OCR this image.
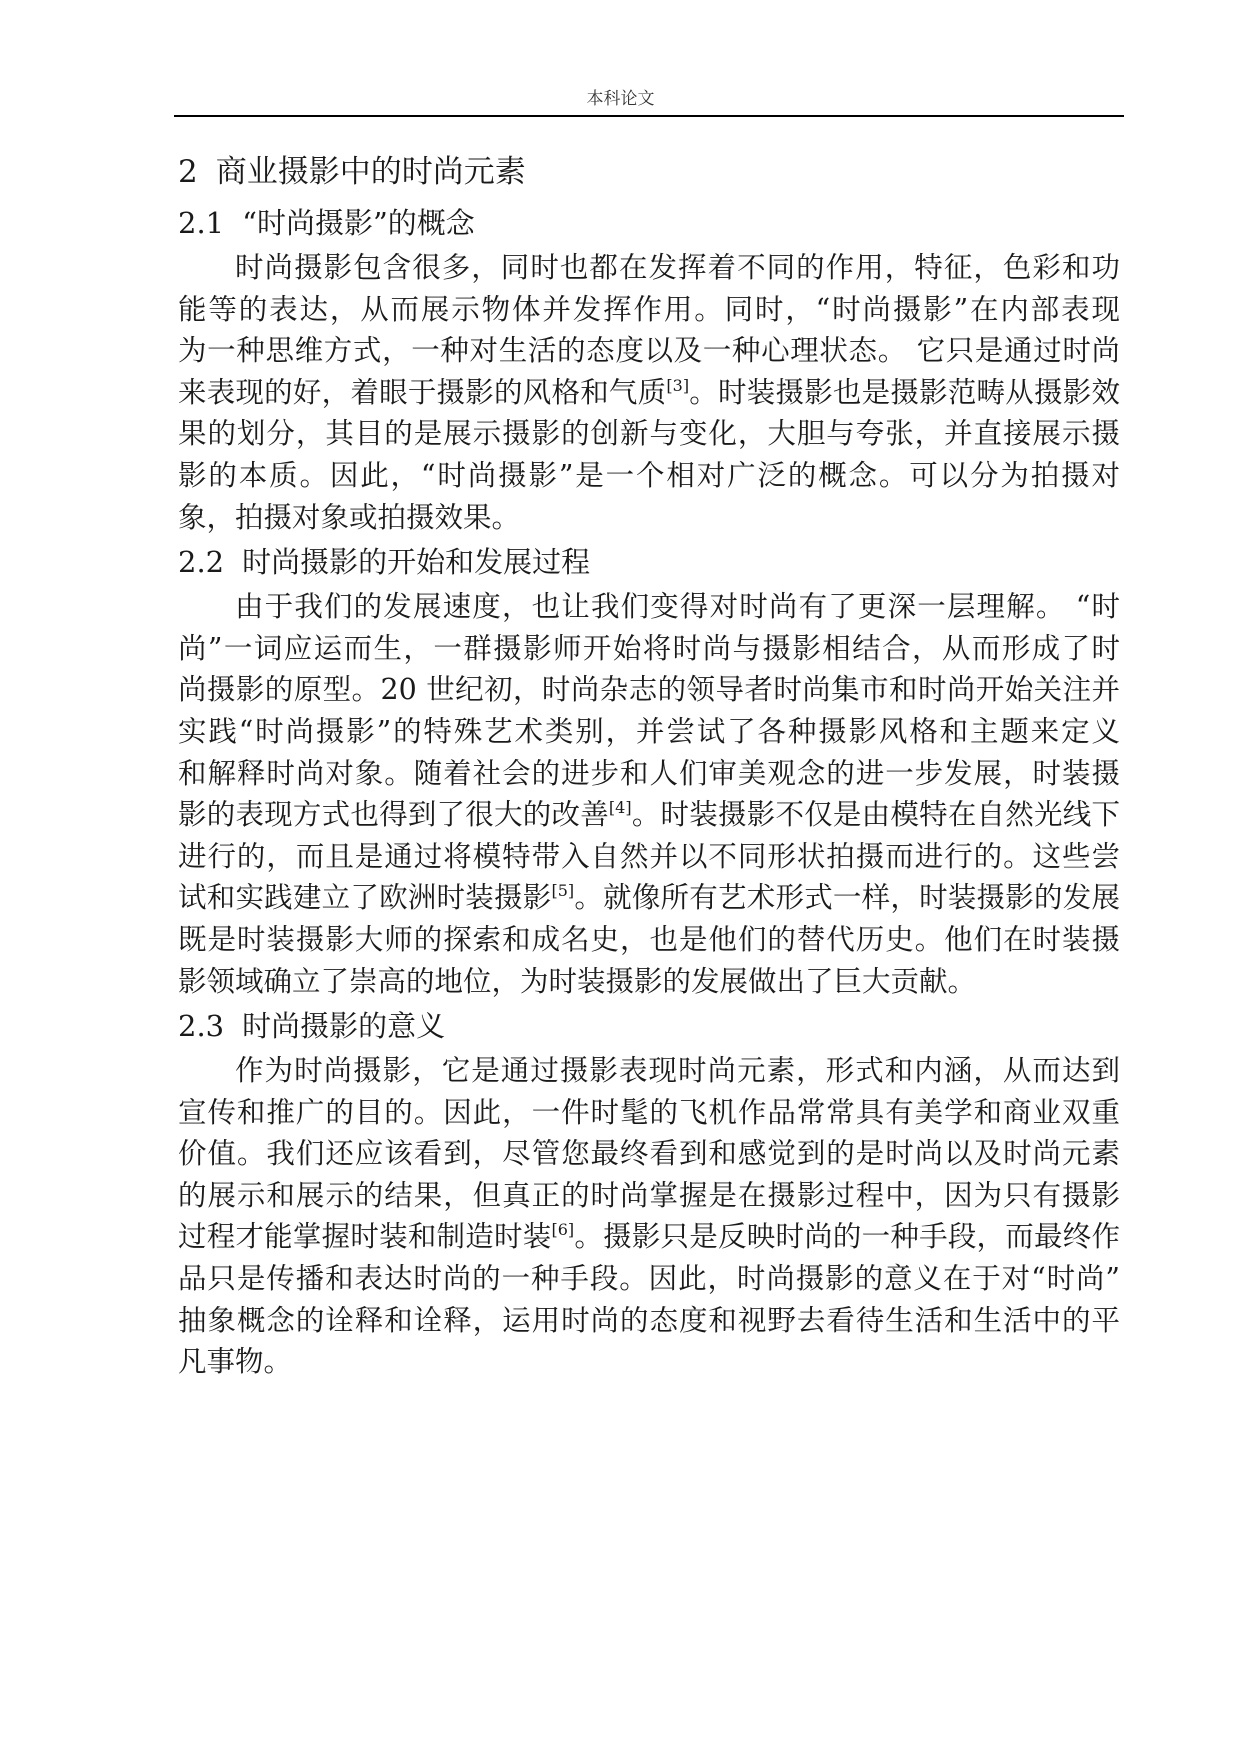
本科论文
2 商业摄影中的时尚元素
2.1 “时尚摄影”的概念
时尚摄影包含很多，同时也都在发挥着不同的作用，特征，色彩和功
能等的表达，从而展示物体并发挥作用。同时，“时尚摄影”在内部表现
为一种思维方式，一种对生活的态度以及一种心理状态。 它只是通过时尚
来表现的好，着眼于摄影的风格和气质[3]。时装摄影也是摄影范畴从摄影效
果的划分，其目的是展示摄影的创新与变化，大胆与夸张，并直接展示摄
影的本质。因此，“时尚摄影”是一个相对广泛的概念。可以分为拍摄对
象，拍摄对象或拍摄效果。
2.2 时尚摄影的开始和发展过程
由于我们的发展速度，也让我们变得对时尚有了更深一层理解。 “时
尚”一词应运而生，一群摄影师开始将时尚与摄影相结合，从而形成了时
尚摄影的原型。20 世纪初，时尚杂志的领导者时尚集市和时尚开始关注并
实践“时尚摄影”的特殊艺术类别，并尝试了各种摄影风格和主题来定义
和解释时尚对象。随着社会的进步和人们审美观念的进一步发展，时装摄
影的表现方式也得到了很大的改善[4]。时装摄影不仅是由模特在自然光线下
进行的，而且是通过将模特带入自然并以不同形状拍摄而进行的。这些尝
试和实践建立了欧洲时装摄影[5]。就像所有艺术形式一样，时装摄影的发展
既是时装摄影大师的探索和成名史，也是他们的替代历史。他们在时装摄
影领域确立了崇高的地位，为时装摄影的发展做出了巨大贡献。
2.3 时尚摄影的意义
作为时尚摄影，它是通过摄影表现时尚元素，形式和内涵，从而达到
宣传和推广的目的。因此，一件时髦的飞机作品常常具有美学和商业双重
价值。我们还应该看到，尽管您最终看到和感觉到的是时尚以及时尚元素
的展示和展示的结果，但真正的时尚掌握是在摄影过程中，因为只有摄影
过程才能掌握时装和制造时装[6]。摄影只是反映时尚的一种手段，而最终作
品只是传播和表达时尚的一种手段。因此，时尚摄影的意义在于对“时尚”
抽象概念的诠释和诠释，运用时尚的态度和视野去看待生活和生活中的平
凡事物。
